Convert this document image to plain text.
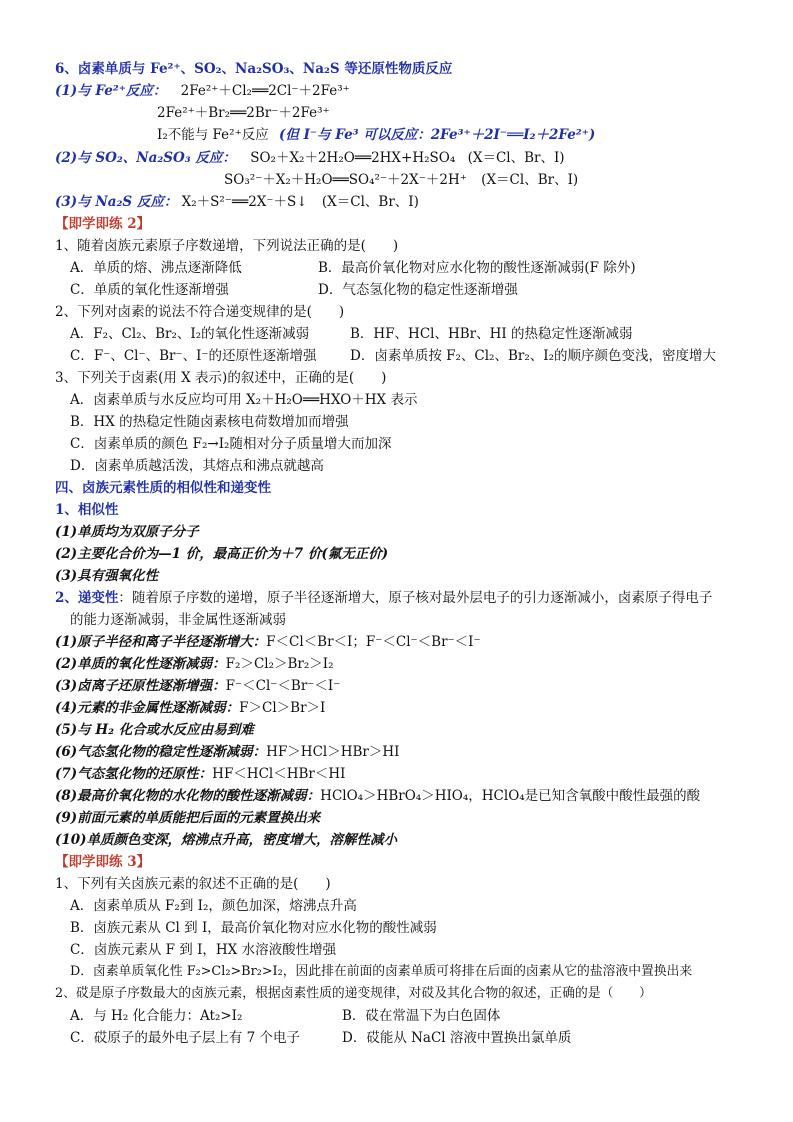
6、卤素单质与 Fe²⁺、SO₂、Na₂SO₃、Na₂S 等还原性物质反应
(1)与 Fe²⁺反应： 2Fe²⁺＋Cl₂══2Cl⁻＋2Fe³⁺
2Fe²⁺＋Br₂══2Br⁻＋2Fe³⁺
I₂不能与 Fe²⁺反应 (但 I⁻与 Fe³ 可以反应：2Fe³⁺＋2I⁻══I₂＋2Fe²⁺)
(2)与 SO₂、Na₂SO₃ 反应： SO₂＋X₂＋2H₂O══2HX+H₂SO₄ (X＝Cl、Br、I)
SO₃²⁻＋X₂＋H₂O══SO₄²⁻＋2X⁻＋2H⁺ (X＝Cl、Br、I)
(3)与 Na₂S 反应： X₂＋S²⁻══2X⁻＋S↓ (X＝Cl、Br、I)
【即学即练 2】
1、随着卤族元素原子序数递增，下列说法正确的是(　　)
A．单质的熔、沸点逐渐降低	B．最高价氧化物对应水化物的酸性逐渐减弱(F 除外)
C．单质的氧化性逐渐增强	D．气态氢化物的稳定性逐渐增强
2、下列对卤素的说法不符合递变规律的是(　　)
A．F₂、Cl₂、Br₂、I₂的氧化性逐渐减弱	B．HF、HCl、HBr、HI 的热稳定性逐渐减弱
C．F⁻、Cl⁻、Br⁻、I⁻的还原性逐渐增强 D．卤素单质按 F₂、Cl₂、Br₂、I₂的顺序颜色变浅，密度增大
3、下列关于卤素(用 X 表示)的叙述中，正确的是(　　)
A．卤素单质与水反应均可用 X₂＋H₂O══HXO＋HX 表示
B．HX 的热稳定性随卤素核电荷数增加而增强
C．卤素单质的颜色 F₂→I₂随相对分子质量增大而加深
D．卤素单质越活泼，其熔点和沸点就越高
四、卤族元素性质的相似性和递变性
1、相似性
(1)单质均为双原子分子
(2)主要化合价为—1 价，最高正价为＋7 价(氟无正价)
(3)具有强氧化性
2、递变性：随着原子序数的递增，原子半径逐渐增大，原子核对最外层电子的引力逐渐减小，卤素原子得电子
的能力逐渐减弱，非金属性逐渐减弱
(1)原子半径和离子半径逐渐增大：F＜Cl＜Br＜I；F⁻＜Cl⁻＜Br⁻＜I⁻
(2)单质的氧化性逐渐减弱：F₂＞Cl₂＞Br₂＞I₂
(3)卤离子还原性逐渐增强：F⁻＜Cl⁻＜Br⁻＜I⁻
(4)元素的非金属性逐渐减弱：F＞Cl＞Br＞I
(5)与 H₂ 化合或水反应由易到难
(6)气态氢化物的稳定性逐渐减弱：HF＞HCl＞HBr＞HI
(7)气态氢化物的还原性：HF＜HCl＜HBr＜HI
(8)最高价氧化物的水化物的酸性逐渐减弱：HClO₄＞HBrO₄＞HIO₄，HClO₄是已知含氧酸中酸性最强的酸
(9)前面元素的单质能把后面的元素置换出来
(10)单质颜色变深，熔沸点升高，密度增大，溶解性减小
【即学即练 3】
1、下列有关卤族元素的叙述不正确的是(　　)
A．卤素单质从 F₂到 I₂，颜色加深，熔沸点升高
B．卤族元素从 Cl 到 I，最高价氧化物对应水化物的酸性减弱
C．卤族元素从 F 到 I，HX 水溶液酸性增强
D．卤素单质氧化性 F₂>Cl₂>Br₂>I₂，因此排在前面的卤素单质可将排在后面的卤素从它的盐溶液中置换出来
2、砹是原子序数最大的卤族元素，根据卤素性质的递变规律，对砹及其化合物的叙述，正确的是（　　）
A．与 H₂ 化合能力：At₂>I₂	B．砹在常温下为白色固体
C．砹原子的最外电子层上有 7 个电子	D．砹能从 NaCl 溶液中置换出氯单质
